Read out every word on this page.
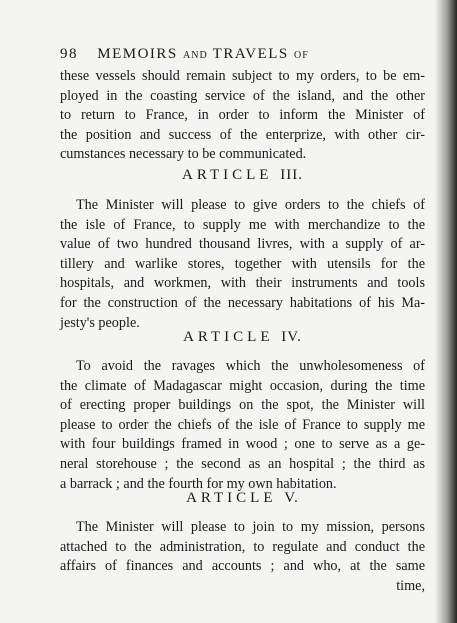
98 MEMOIRS AND TRAVELS OF
these vessels should remain subject to my orders, to be em-
ployed in the coasting service of the island, and the other
to return to France, in order to inform the Minister of
the position and success of the enterprize, with other cir-
cumstances necessary to be communicated.
ARTICLE III.
The Minister will please to give orders to the chiefs of
the isle of France, to supply me with merchandize to the
value of two hundred thousand livres, with a supply of ar-
tillery and warlike stores, together with utensils for the
hospitals, and workmen, with their instruments and tools
for the construction of the necessary habitations of his Ma-
jesty's people.
ARTICLE IV.
To avoid the ravages which the unwholesomeness of
the climate of Madagascar might occasion, during the time
of erecting proper buildings on the spot, the Minister will
please to order the chiefs of the isle of France to supply me
with four buildings framed in wood ; one to serve as a ge-
neral storehouse ; the second as an hospital ; the third as
a barrack ; and the fourth for my own habitation.
ARTICLE V.
The Minister will please to join to my mission, persons
attached to the administration, to regulate and conduct the
affairs of finances and accounts ; and who, at the same
time,
